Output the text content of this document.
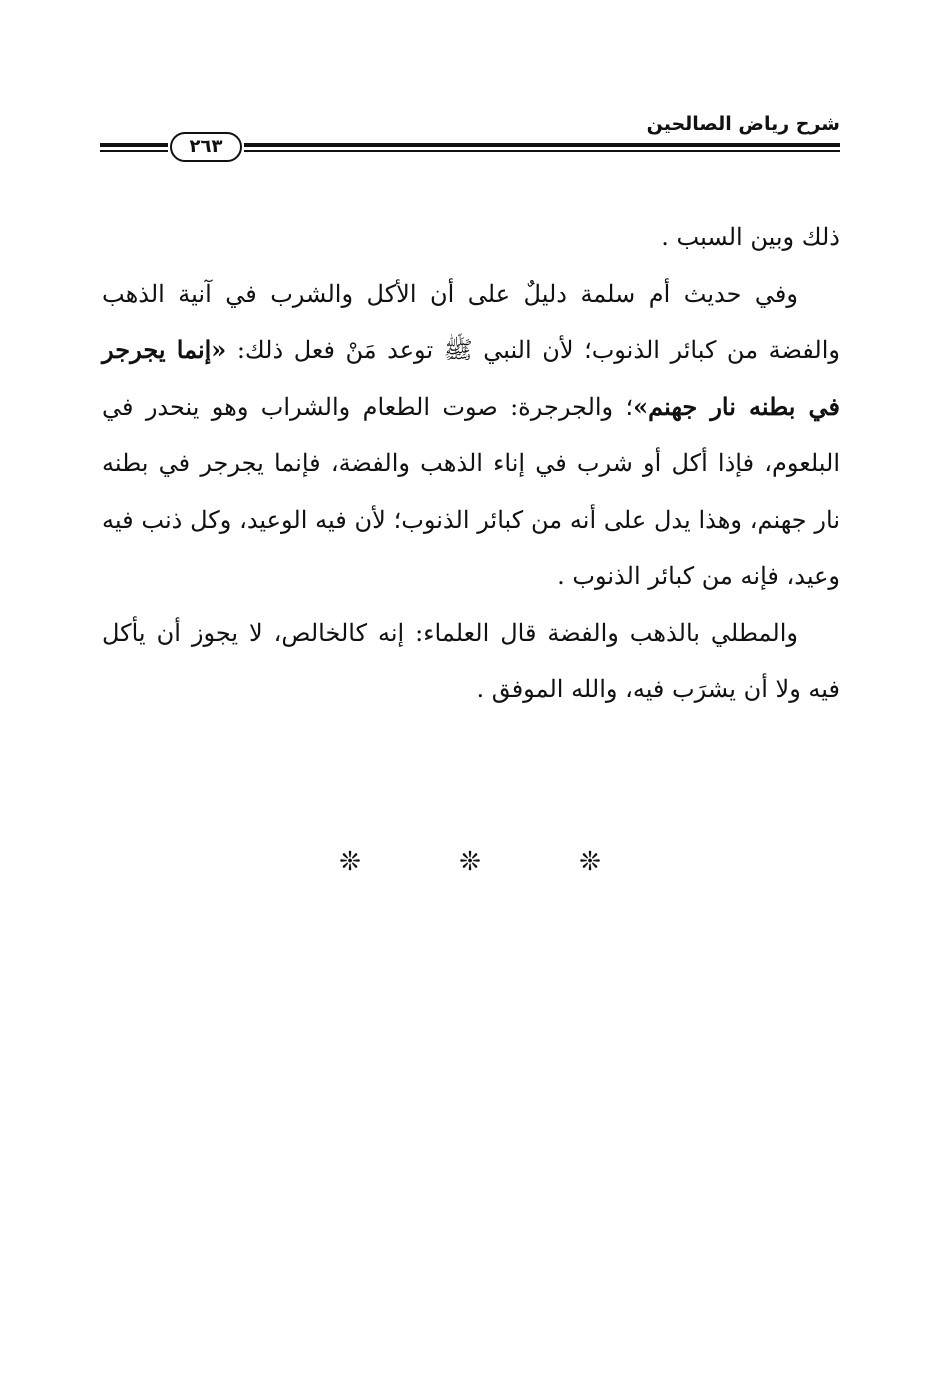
شرح رياض الصالحين
٢٦٣

ذلك وبين السبب .

وفي حديث أم سلمة دليلٌ على أن الأكل والشرب في آنية الذهب والفضة من كبائر الذنوب؛ لأن النبي ﷺ توعد مَنْ فعل ذلك: «إنما يجرجر في بطنه نار جهنم»؛ والجرجرة: صوت الطعام والشراب وهو ينحدر في البلعوم، فإذا أكل أو شرب في إناء الذهب والفضة، فإنما يجرجر في بطنه نار جهنم، وهذا يدل على أنه من كبائر الذنوب؛ لأن فيه الوعيد، وكل ذنب فيه وعيد، فإنه من كبائر الذنوب .

والمطلي بالذهب والفضة قال العلماء: إنه كالخالص، لا يجوز أن يأكل فيه ولا أن يشرَب فيه، والله الموفق .

❊	❊	❊
